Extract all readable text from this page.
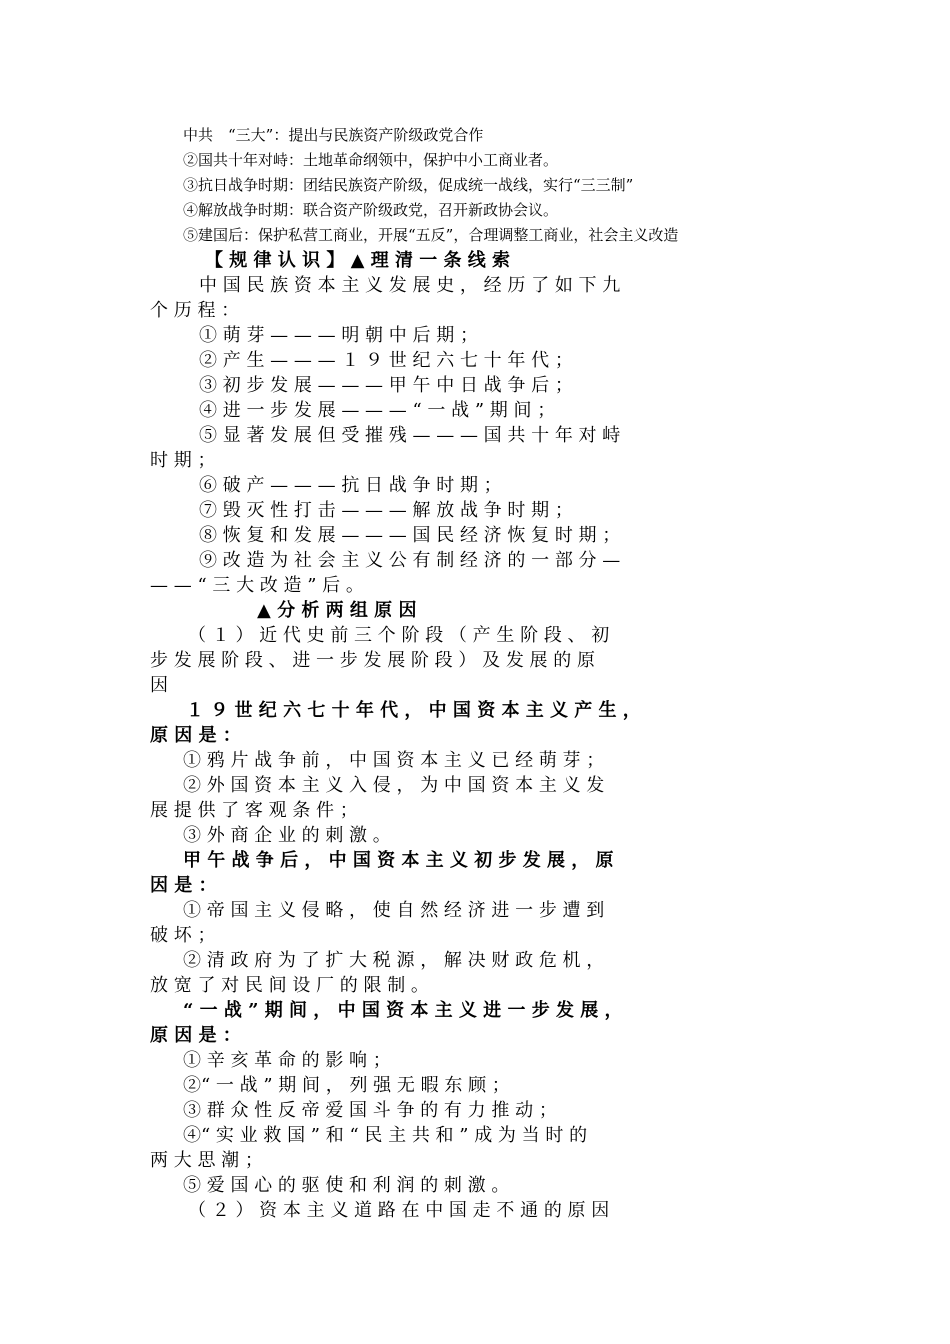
中共　“三大”：提出与民族资产阶级政党合作
②国共十年对峙：土地革命纲领中，保护中小工商业者。
③抗日战争时期：团结民族资产阶级，促成统一战线，实行“三三制”
④解放战争时期：联合资产阶级政党，召开新政协会议。
⑤建国后：保护私营工商业，开展“五反”，合理调整工商业，社会主义改造
【 规 律 认 识 】 ▲ 理 清 一 条 线 索
中 国 民 族 资 本 主 义 发 展 史 ， 经 历 了 如 下 九
个 历 程 ：
① 萌 芽 — — — 明 朝 中 后 期 ；
② 产 生 — — — １ ９ 世 纪 六 七 十 年 代 ；
③ 初 步 发 展 — — — 甲 午 中 日 战 争 后 ；
④ 进 一 步 发 展 — — — “ 一 战 ” 期 间 ；
⑤ 显 著 发 展 但 受 摧 残 — — — 国 共 十 年 对 峙
时 期 ；
⑥ 破 产 — — — 抗 日 战 争 时 期 ；
⑦ 毁 灭 性 打 击 — — — 解 放 战 争 时 期 ；
⑧ 恢 复 和 发 展 — — — 国 民 经 济 恢 复 时 期 ；
⑨ 改 造 为 社 会 主 义 公 有 制 经 济 的 一 部 分 —
— — “ 三 大 改 造 ” 后 。
▲ 分 析 两 组 原 因
（ １ ） 近 代 史 前 三 个 阶 段 （ 产 生 阶 段 、 初
步 发 展 阶 段 、 进 一 步 发 展 阶 段 ） 及 发 展 的 原
因
１ ９ 世 纪 六 七 十 年 代 ， 中 国 资 本 主 义 产 生 ，
原 因 是 ：
① 鸦 片 战 争 前 ， 中 国 资 本 主 义 已 经 萌 芽 ；
② 外 国 资 本 主 义 入 侵 ， 为 中 国 资 本 主 义 发
展 提 供 了 客 观 条 件 ；
③ 外 商 企 业 的 刺 激 。
甲 午 战 争 后 ， 中 国 资 本 主 义 初 步 发 展 ， 原
因 是 ：
① 帝 国 主 义 侵 略 ， 使 自 然 经 济 进 一 步 遭 到
破 坏 ；
② 清 政 府 为 了 扩 大 税 源 ， 解 决 财 政 危 机 ，
放 宽 了 对 民 间 设 厂 的 限 制 。
“ 一 战 ” 期 间 ， 中 国 资 本 主 义 进 一 步 发 展 ，
原 因 是 ：
① 辛 亥 革 命 的 影 响 ；
②“ 一 战 ” 期 间 ， 列 强 无 暇 东 顾 ；
③ 群 众 性 反 帝 爱 国 斗 争 的 有 力 推 动 ；
④“ 实 业 救 国 ” 和 “ 民 主 共 和 ” 成 为 当 时 的
两 大 思 潮 ；
⑤ 爱 国 心 的 驱 使 和 利 润 的 刺 激 。
（ ２ ） 资 本 主 义 道 路 在 中 国 走 不 通 的 原 因
